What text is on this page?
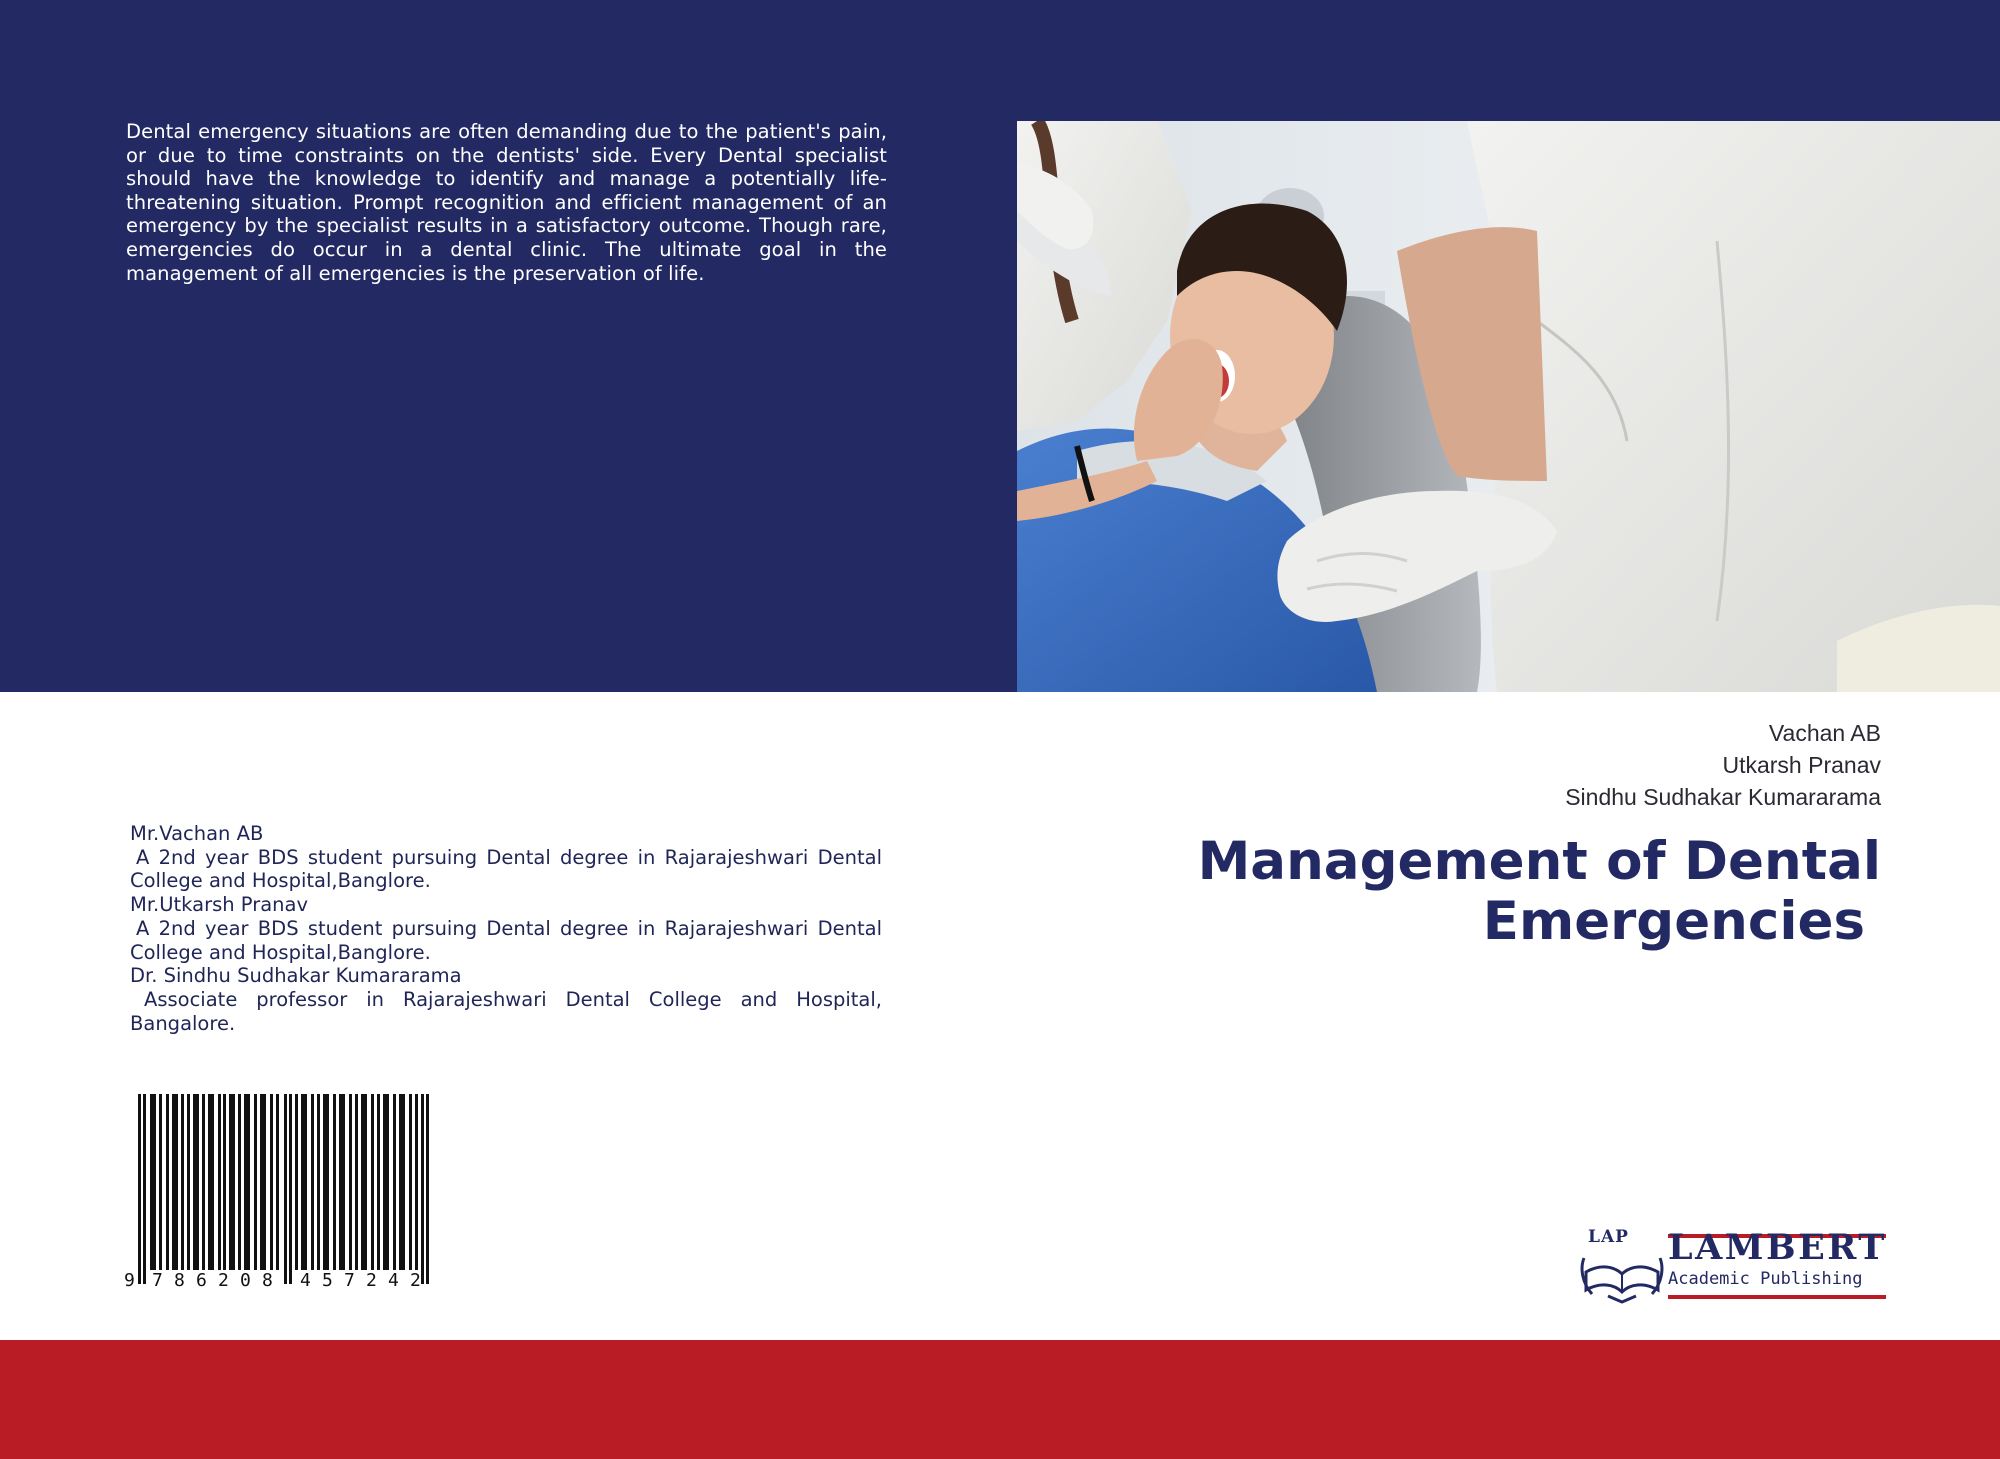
Dental emergency situations are often demanding due to the patient's pain, or due to time constraints on the dentists' side. Every Dental specialist should have the knowledge to identify and manage a potentially life-threatening situation. Prompt recognition and efficient management of an emergency by the specialist results in a satisfactory outcome. Though rare, emergencies do occur in a dental clinic. The ultimate goal in the management of all emergencies is the preservation of life.
Vachan AB
Utkarsh Pranav
Sindhu Sudhakar Kumararama
Management of Dental
Emergencies
Mr.Vachan AB
A 2nd year BDS student pursuing Dental degree in Rajarajeshwari Dental College and Hospital,Banglore.
Mr.Utkarsh Pranav
A 2nd year BDS student pursuing Dental degree in Rajarajeshwari Dental College and Hospital,Banglore.
Dr. Sindhu Sudhakar Kumararama
Associate professor in Rajarajeshwari Dental College and Hospital, Bangalore.
9 7 8 6 2 0 8 4 5 7 2 4 2
LAP LAMBERT
Academic Publishing
